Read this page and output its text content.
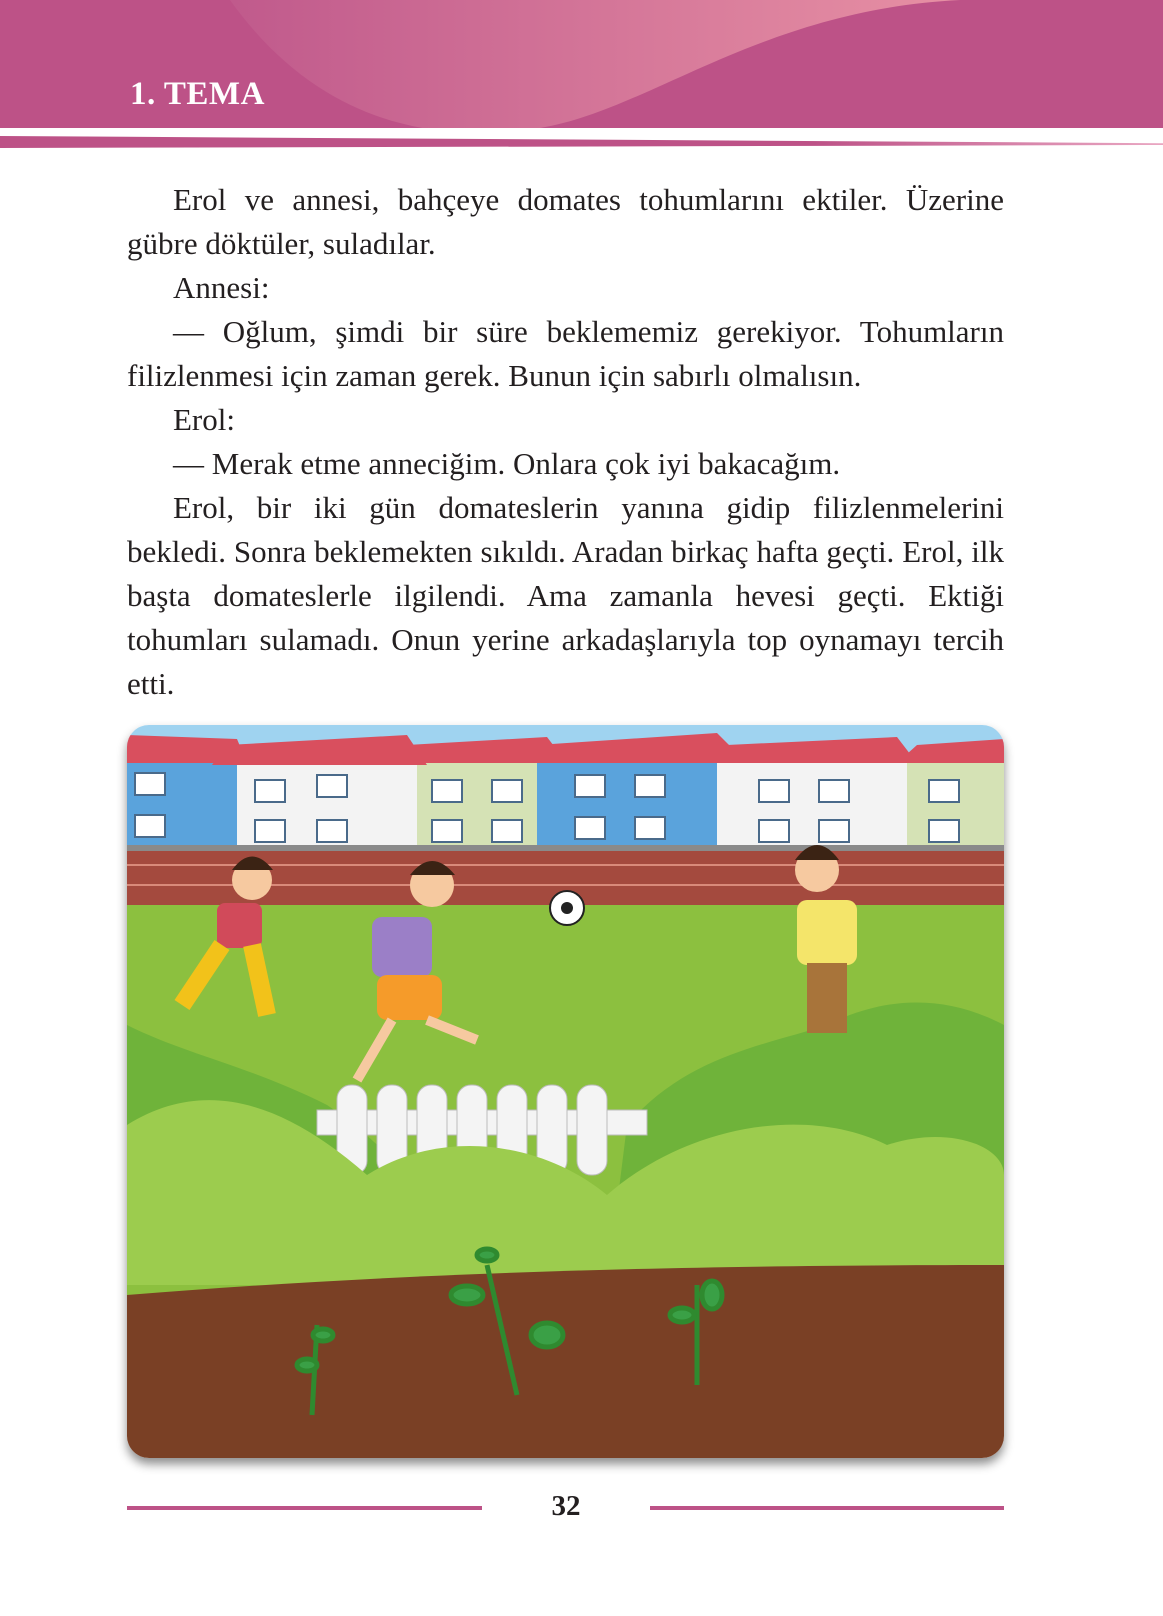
1. TEMA

Erol ve annesi, bahçeye domates tohumlarını ektiler. Üzerine gübre döktüler, suladılar.

Annesi:

— Oğlum, şimdi bir süre beklememiz gerekiyor. Tohumların filizlenmesi için zaman gerek. Bunun için sabırlı olmalısın.

Erol:

— Merak etme anneciğim. Onlara çok iyi bakacağım.

Erol, bir iki gün domateslerin yanına gidip filizlenmelerini bekledi. Sonra beklemekten sıkıldı. Aradan birkaç hafta geçti. Erol, ilk başta domateslerle ilgilendi. Ama zamanla hevesi geçti. Ektiği tohumları sulamadı. Onun yerine arkadaşlarıyla top oynamayı tercih etti.

32
